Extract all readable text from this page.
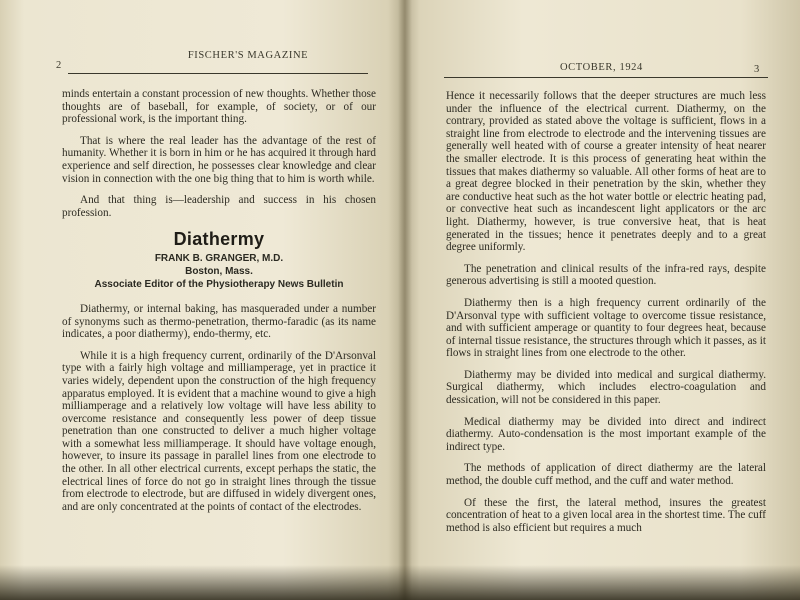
2
FISCHER'S MAGAZINE
OCTOBER, 1924	3

minds entertain a constant procession of new thoughts. Whether those thoughts are of baseball, for example, of society, or of our professional work, is the important thing.

That is where the real leader has the advantage of the rest of humanity. Whether it is born in him or he has acquired it through hard experience and self direction, he possesses clear knowledge and clear vision in connection with the one big thing that to him is worth while.

And that thing is—leadership and success in his chosen profession.

Diathermy
FRANK B. GRANGER, M.D.
Boston, Mass.
Associate Editor of the Physiotherapy News Bulletin

Diathermy, or internal baking, has masqueraded under a number of synonyms such as thermo-penetration, thermo-faradic (as its name indicates, a poor diathermy), endo-thermy, etc.

While it is a high frequency current, ordinarily of the D'Arsonval type with a fairly high voltage and milliamperage, yet in practice it varies widely, dependent upon the construction of the high frequency apparatus employed. It is evident that a machine wound to give a high milliamperage and a relatively low voltage will have less ability to overcome resistance and consequently less power of deep tissue penetration than one constructed to deliver a much higher voltage with a somewhat less milliamperage. It should have voltage enough, however, to insure its passage in parallel lines from one electrode to the other. In all other electrical currents, except perhaps the static, the electrical lines of force do not go in straight lines through the tissue from electrode to electrode, but are diffused in widely divergent ones, and are only concentrated at the points of contact of the electrodes.

Hence it necessarily follows that the deeper structures are much less under the influence of the electrical current. Diathermy, on the contrary, provided as stated above the voltage is sufficient, flows in a straight line from electrode to electrode and the intervening tissues are generally well heated with of course a greater intensity of heat nearer the smaller electrode. It is this process of generating heat within the tissues that makes diathermy so valuable. All other forms of heat are to a great degree blocked in their penetration by the skin, whether they are conductive heat such as the hot water bottle or electric heating pad, or convective heat such as incandescent light applicators or the arc light. Diathermy, however, is true conversive heat, that is heat generated in the tissues; hence it penetrates deeply and to a great degree uniformly.

The penetration and clinical results of the infra-red rays, despite generous advertising is still a mooted question.

Diathermy then is a high frequency current ordinarily of the D'Arsonval type with sufficient voltage to overcome tissue resistance, and with sufficient amperage or quantity to four degrees heat, because of internal tissue resistance, the structures through which it passes, as it flows in straight lines from one electrode to the other.

Diathermy may be divided into medical and surgical diathermy. Surgical diathermy, which includes electro-coagulation and dessication, will not be considered in this paper.

Medical diathermy may be divided into direct and indirect diathermy. Auto-condensation is the most important example of the indirect type.

The methods of application of direct diathermy are the lateral method, the double cuff method, and the cuff and water method.

Of these the first, the lateral method, insures the greatest concentration of heat to a given local area in the shortest time. The cuff method is also efficient but requires a much
